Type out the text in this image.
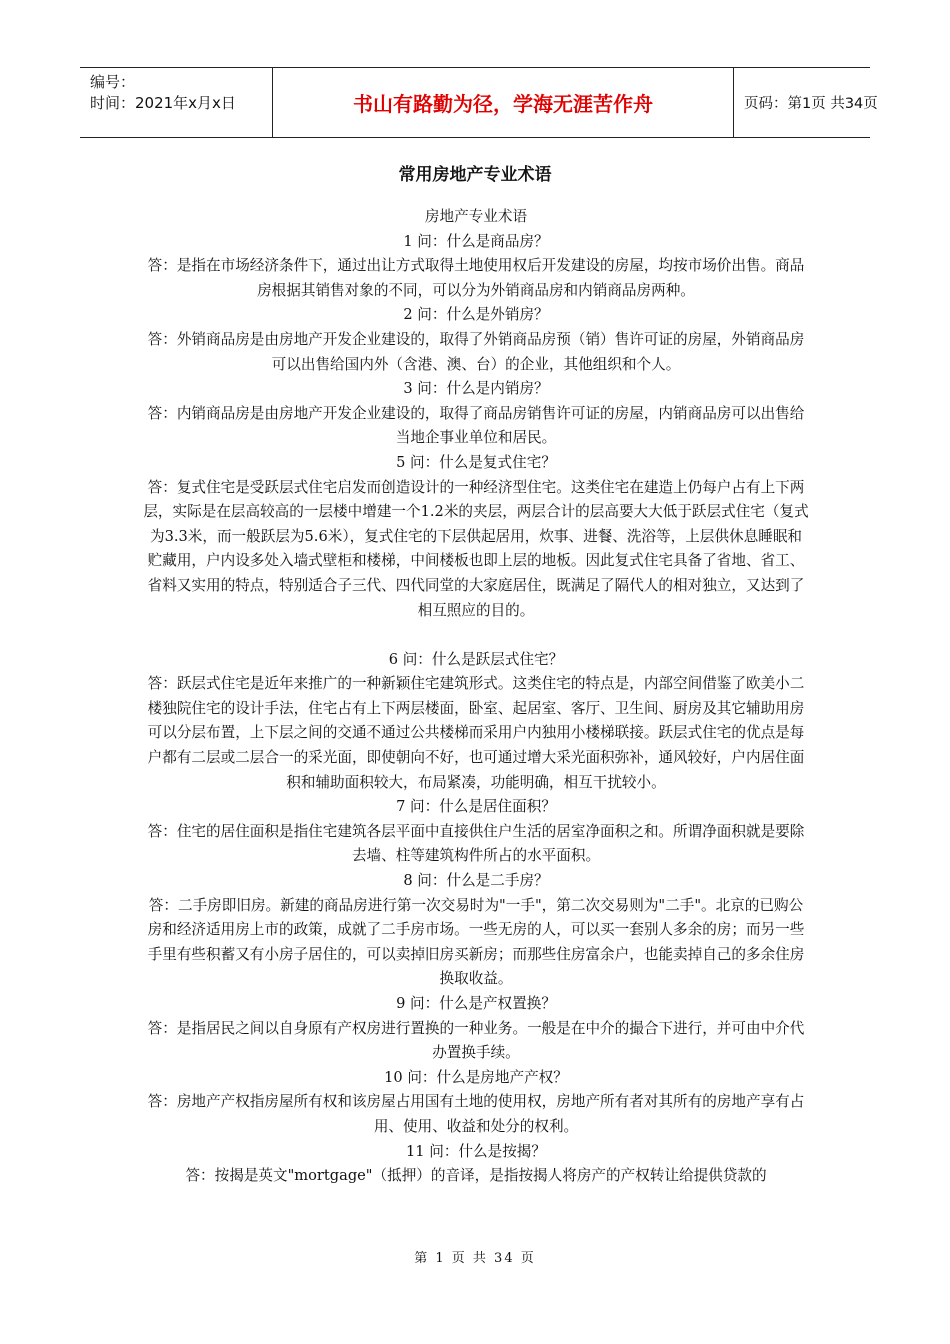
编号：
时间：2021年x月x日	书山有路勤为径，学海无涯苦作舟	页码：第1页 共34页
常用房地产专业术语

房地产专业术语

1 问：什么是商品房？

答：是指在市场经济条件下，通过出让方式取得土地使用权后开发建设的房屋，均按市场价出售。商品房根据其销售对象的不同，可以分为外销商品房和内销商品房两种。

2 问：什么是外销房？

答：外销商品房是由房地产开发企业建设的，取得了外销商品房预（销）售许可证的房屋，外销商品房可以出售给国内外（含港、澳、台）的企业，其他组织和个人。

3 问：什么是内销房？

答：内销商品房是由房地产开发企业建设的，取得了商品房销售许可证的房屋，内销商品房可以出售给当地企事业单位和居民。

5 问：什么是复式住宅？

答：复式住宅是受跃层式住宅启发而创造设计的一种经济型住宅。这类住宅在建造上仍每户占有上下两层，实际是在层高较高的一层楼中增建一个1.2米的夹层，两层合计的层高要大大低于跃层式住宅（复式为3.3米，而一般跃层为5.6米），复式住宅的下层供起居用，炊事、进餐、洗浴等，上层供休息睡眠和贮藏用，户内设多处入墙式壁柜和楼梯，中间楼板也即上层的地板。因此复式住宅具备了省地、省工、省料又实用的特点，特别适合子三代、四代同堂的大家庭居住，既满足了隔代人的相对独立，又达到了相互照应的目的。

6 问：什么是跃层式住宅？

答：跃层式住宅是近年来推广的一种新颖住宅建筑形式。这类住宅的特点是，内部空间借鉴了欧美小二楼独院住宅的设计手法，住宅占有上下两层楼面，卧室、起居室、客厅、卫生间、厨房及其它辅助用房可以分层布置，上下层之间的交通不通过公共楼梯而采用户内独用小楼梯联接。跃层式住宅的优点是每户都有二层或二层合一的采光面，即使朝向不好，也可通过增大采光面积弥补，通风较好，户内居住面积和辅助面积较大，布局紧凑，功能明确，相互干扰较小。

7 问：什么是居住面积？

答：住宅的居住面积是指住宅建筑各层平面中直接供住户生活的居室净面积之和。所谓净面积就是要除去墙、柱等建筑构件所占的水平面积。

8 问：什么是二手房？

答：二手房即旧房。新建的商品房进行第一次交易时为"一手"，第二次交易则为"二手"。北京的已购公房和经济适用房上市的政策，成就了二手房市场。一些无房的人，可以买一套别人多余的房；而另一些手里有些积蓄又有小房子居住的，可以卖掉旧房买新房；而那些住房富余户，也能卖掉自己的多余住房换取收益。

9 问：什么是产权置换？

答：是指居民之间以自身原有产权房进行置换的一种业务。一般是在中介的撮合下进行，并可由中介代办置换手续。

10 问：什么是房地产产权？

答：房地产产权指房屋所有权和该房屋占用国有土地的使用权，房地产所有者对其所有的房地产享有占用、使用、收益和处分的权利。

11 问：什么是按揭？

答：按揭是英文"mortgage"（抵押）的音译，是指按揭人将房产的产权转让给提供贷款的

第 1 页 共 34 页
